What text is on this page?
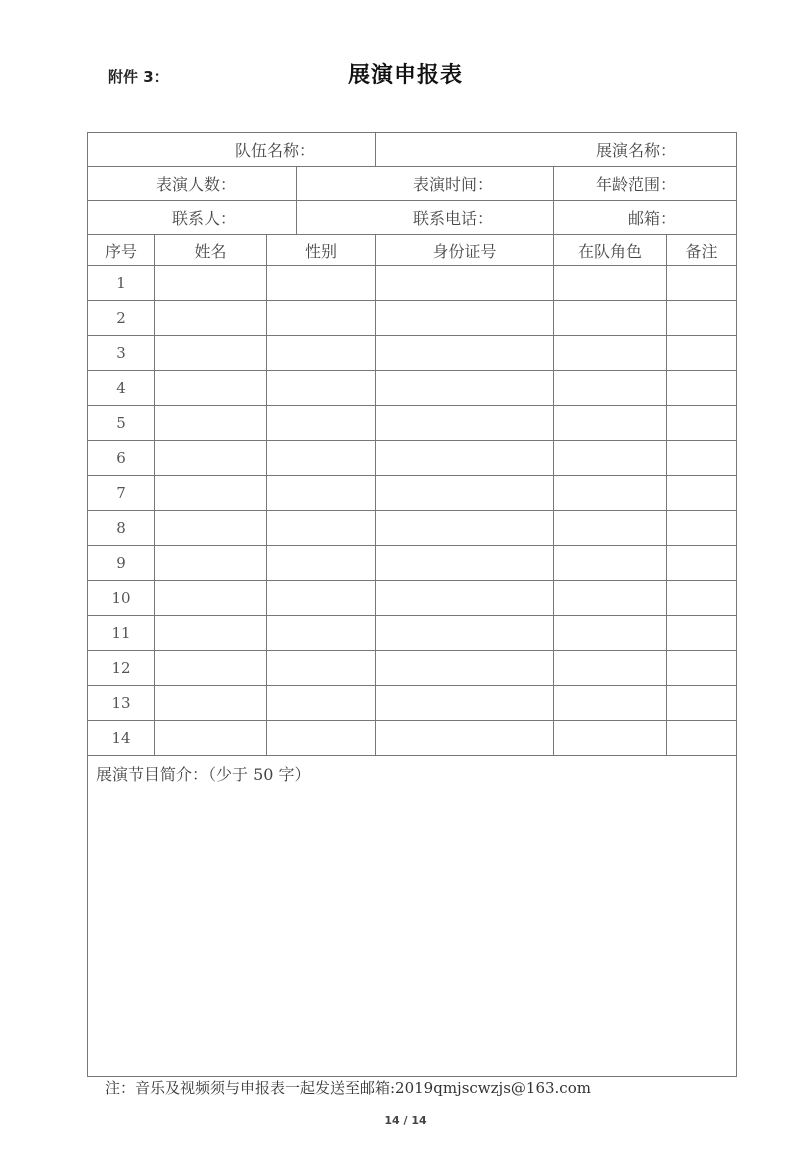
附件 3：	展演申报表
队伍名称：				展演名称：		
表演人数：			表演时间：		年龄范围：	
联系人：			联系电话：		邮箱：	
序号	姓名	性别		身份证号	在队角色	备注
1						
2						
3						
4						
5						
6						
7						
8						
9						
10						
11						
12						
13						
14						
展演节目简介：（少于 50 字）						
注：音乐及视频须与申报表一起发送至邮箱:2019qmjscwzjs@163.com
14 / 14
